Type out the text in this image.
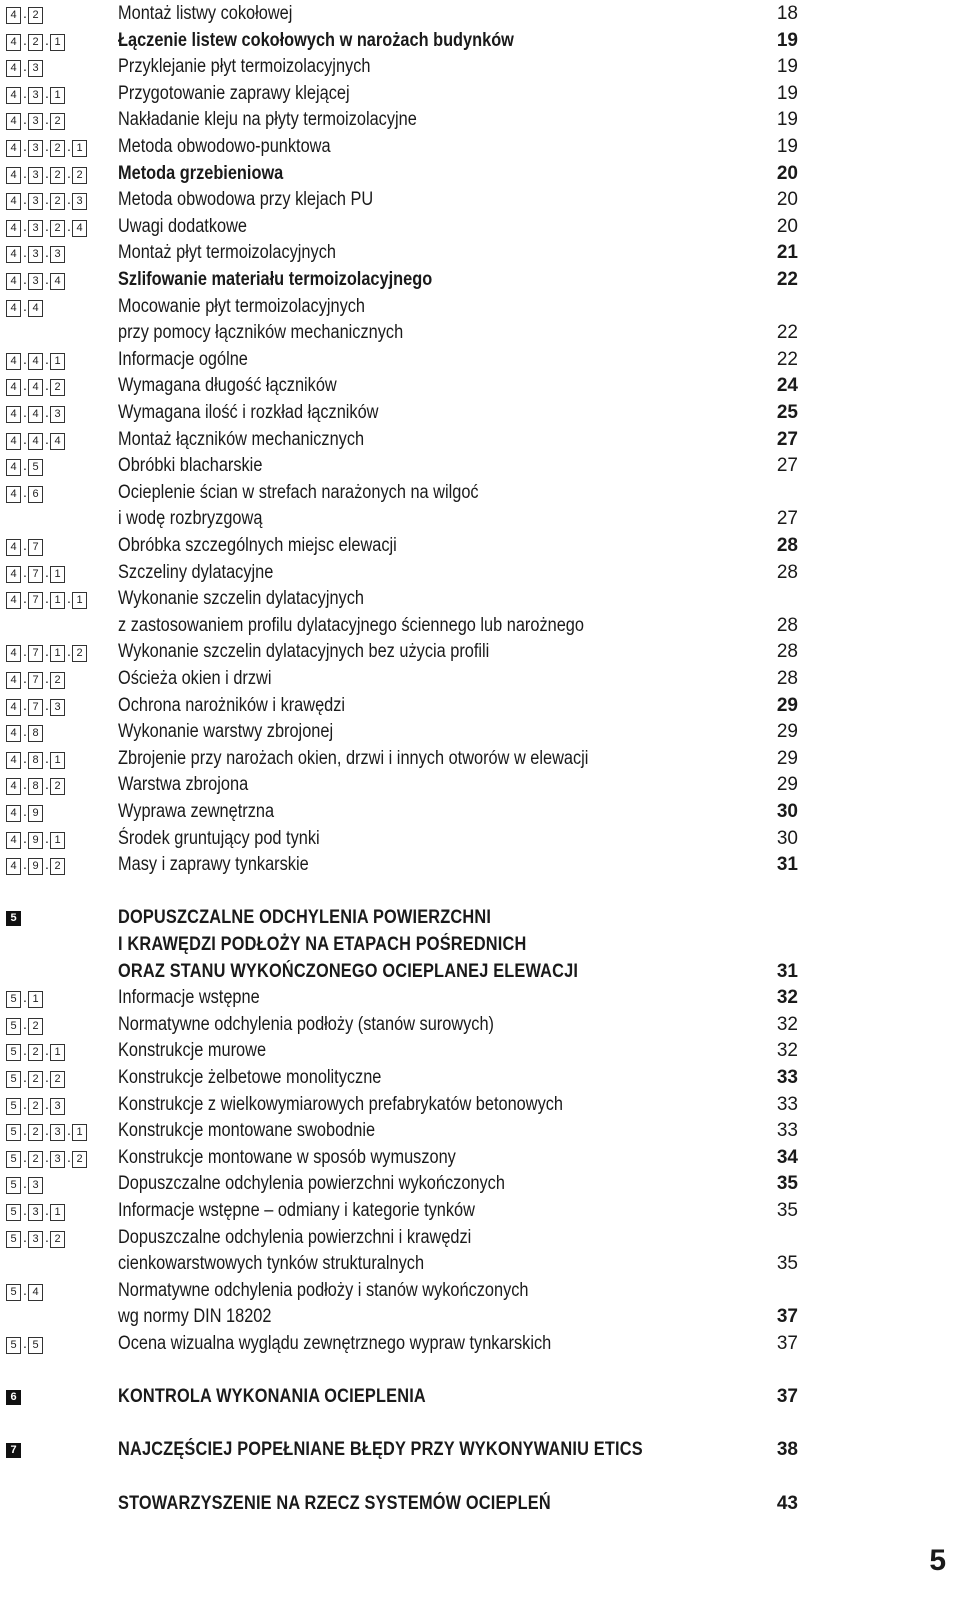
4 . 2	Montaż listwy cokołowej	18
4 . 2 . 1	Łączenie listew cokołowych w narożach budynków	19
4 . 3	Przyklejanie płyt termoizolacyjnych	19
4 . 3 . 1	Przygotowanie zaprawy klejącej	19
4 . 3 . 2	Nakładanie kleju na płyty termoizolacyjne	19
4 . 3 . 2 . 1 Metoda obwodowo-punktowa	19
4 . 3 . 2 . 2 Metoda grzebieniowa	20
4 . 3 . 2 . 3 Metoda obwodowa przy klejach PU	20
4 . 3 . 2 . 4 Uwagi dodatkowe	20
4 . 3 . 3	Montaż płyt termoizolacyjnych	21
4 . 3 . 4	Szlifowanie materiału termoizolacyjnego	22
4 . 4	Mocowanie płyt termoizolacyjnych
przy pomocy łączników mechanicznych	22
4 . 4 . 1	Informacje ogólne	22
4 . 4 . 2	Wymagana długość łączników	24
4 . 4 . 3	Wymagana ilość i rozkład łączników	25
4 . 4 . 4	Montaż łączników mechanicznych	27
4 . 5	Obróbki blacharskie	27
4 . 6	Ocieplenie ścian w strefach narażonych na wilgoć
i wodę rozbryzgową	27
4 . 7	Obróbka szczególnych miejsc elewacji	28
4 . 7 . 1	Szczeliny dylatacyjne	28
4 . 7 . 1 . 1 Wykonanie szczelin dylatacyjnych
z zastosowaniem profilu dylatacyjnego ściennego lub narożnego	28
4 . 7 . 1 . 2 Wykonanie szczelin dylatacyjnych bez użycia profili	28
4 . 7 . 2	Ościeża okien i drzwi	28
4 . 7 . 3	Ochrona narożników i krawędzi	29
4 . 8	Wykonanie warstwy zbrojonej	29
4 . 8 . 1	Zbrojenie przy narożach okien, drzwi i innych otworów w elewacji	29
4 . 8 . 2	Warstwa zbrojona	29
4 . 9	Wyprawa zewnętrzna	30
4 . 9 . 1	Środek gruntujący pod tynki	30
4 . 9 . 2	Masy i zaprawy tynkarskie	31
5	DOPUSZCZALNE ODCHYLENIA POWIERZCHNI
I KRAWĘDZI PODŁOŻY NA ETAPACH POŚREDNICH
ORAZ STANU WYKOŃCZONEGO OCIEPLANEJ ELEWACJI	31
5 . 1	Informacje wstępne	32
5 . 2	Normatywne odchylenia podłoży (stanów surowych)	32
5 . 2 . 1	Konstrukcje murowe	32
5 . 2 . 2	Konstrukcje żelbetowe monolityczne	33
5 . 2 . 3	Konstrukcje z wielkowymiarowych prefabrykatów betonowych	33
5 . 2 . 3 . 1 Konstrukcje montowane swobodnie	33
5 . 2 . 3 . 2 Konstrukcje montowane w sposób wymuszony	34
5 . 3	Dopuszczalne odchylenia powierzchni wykończonych	35
5 . 3 . 1	Informacje wstępne – odmiany i kategorie tynków	35
5 . 3 . 2	Dopuszczalne odchylenia powierzchni i krawędzi
cienkowarstwowych tynków strukturalnych	35
5 . 4	Normatywne odchylenia podłoży i stanów wykończonych
wg normy DIN 18202	37
5 . 5	Ocena wizualna wyglądu zewnętrznego wypraw tynkarskich	37
6	KONTROLA WYKONANIA OCIEPLENIA	37
7	NAJCZĘŚCIEJ POPEŁNIANE BŁĘDY PRZY WYKONYWANIU ETICS	38
STOWARZYSZENIE NA RZECZ SYSTEMÓW OCIEPLEŃ	43
5
